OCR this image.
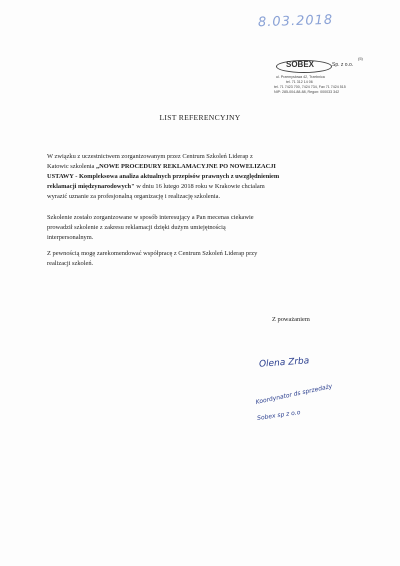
8.03.2018
SOBEX	Sp. z o.o.
(5)
ul. Przemysłowa 42, Trzebnica
tel. 71 312 14 06
tel. 71 7423 700, 7424 734, Fax 71 7424 515
NIP: 285-004-88-88, Regon: 000033 342
LIST REFERENCYJNY
W związku z uczestnictwem zorganizowanym przez Centrum Szkoleń Liderap z
Katowic szkolenia „NOWE PROCEDURY REKLAMACYJNE PO NOWELIZACJI
USTAWY - Kompleksowa analiza aktualnych przepisów prawnych z uwzględnieniem
reklamacji międzynarodowych" w dniu 16 lutego 2018 roku w Krakowie chcialam
wyrazić uznanie za profesjonalną organizację i realizację szkolenia.
Szkolenie zostało zorganizowane w sposób interesujący a Pan mecenas ciekawie
prowadził szkolenie z zakresu reklamacji dzięki dużym umiejętnością
interpersonalnym.
Z pewnością mogę zarekomendować współpracę z Centrum Szkoleń Liderap przy
realizacji szkoleń.
Z poważaniem
Olena Zrba
Koordynator ds sprzedaży
Sobex sp z o.o
